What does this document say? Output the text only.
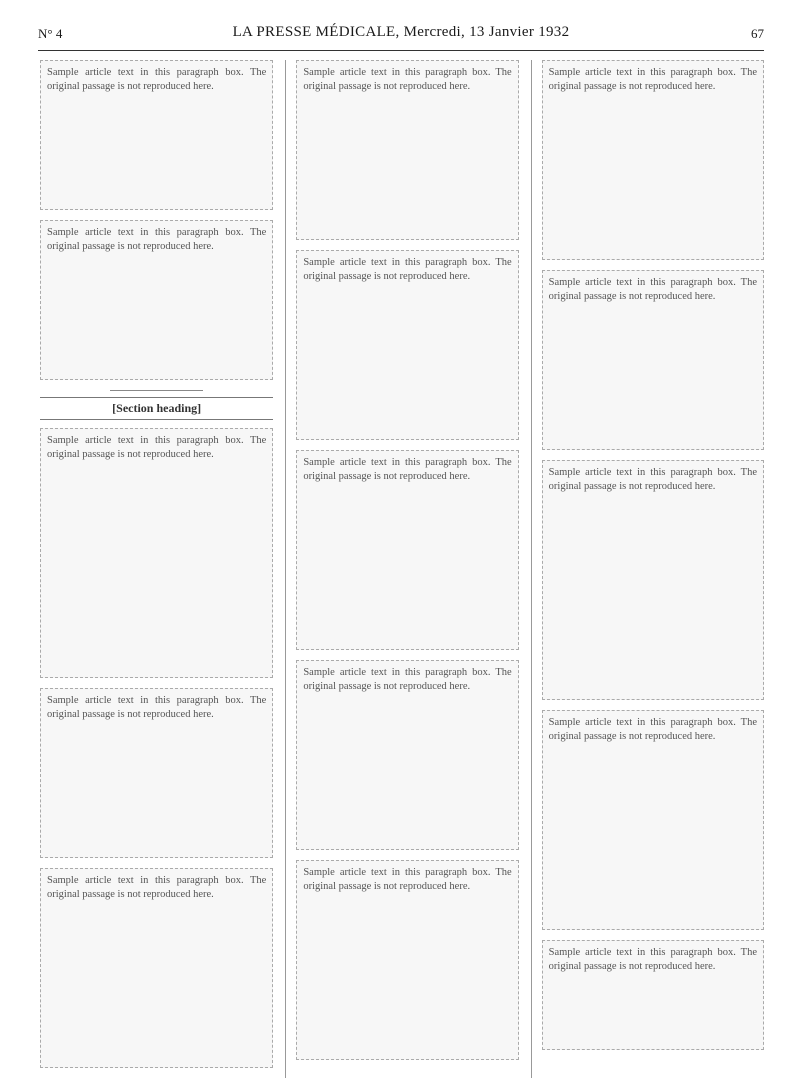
N° 4	LA PRESSE MÉDICALE, Mercredi, 13 Janvier 1932	67
Sample article text in this paragraph box. The original passage is not reproduced here.
Sample article text in this paragraph box. The original passage is not reproduced here.
[Section heading]
Sample article text in this paragraph box. The original passage is not reproduced here.
Sample article text in this paragraph box. The original passage is not reproduced here.
Sample article text in this paragraph box. The original passage is not reproduced here.
Sample article text in this paragraph box. The original passage is not reproduced here.
Sample article text in this paragraph box. The original passage is not reproduced here.
Sample article text in this paragraph box. The original passage is not reproduced here.
Sample article text in this paragraph box. The original passage is not reproduced here.
Sample article text in this paragraph box. The original passage is not reproduced here.
Sample article text in this paragraph box. The original passage is not reproduced here.
Sample article text in this paragraph box. The original passage is not reproduced here.
Sample article text in this paragraph box. The original passage is not reproduced here.
Sample article text in this paragraph box. The original passage is not reproduced here.
Sample article text in this paragraph box. The original passage is not reproduced here.
